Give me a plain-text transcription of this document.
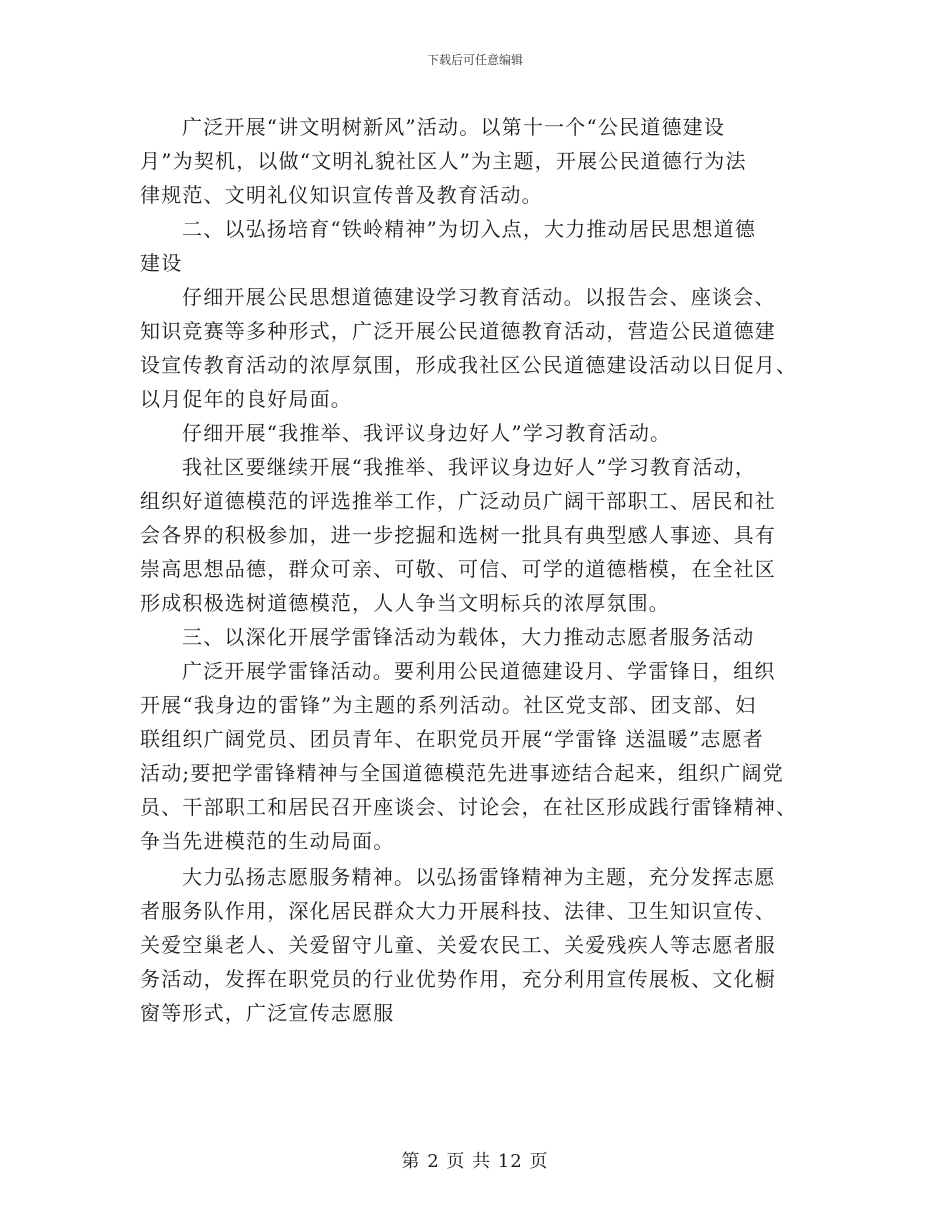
下载后可任意编辑
广泛开展“讲文明树新风”活动。以第十一个“公民道德建设
月”为契机，以做“文明礼貌社区人”为主题，开展公民道德行为法
律规范、文明礼仪知识宣传普及教育活动。
二、以弘扬培育“铁岭精神”为切入点，大力推动居民思想道德
建设
仔细开展公民思想道德建设学习教育活动。以报告会、座谈会、
知识竞赛等多种形式，广泛开展公民道德教育活动，营造公民道德建
设宣传教育活动的浓厚氛围，形成我社区公民道德建设活动以日促月、
以月促年的良好局面。
仔细开展“我推举、我评议身边好人”学习教育活动。
我社区要继续开展“我推举、我评议身边好人”学习教育活动，
组织好道德模范的评选推举工作，广泛动员广阔干部职工、居民和社
会各界的积极参加，进一步挖掘和选树一批具有典型感人事迹、具有
崇高思想品德，群众可亲、可敬、可信、可学的道德楷模，在全社区
形成积极选树道德模范，人人争当文明标兵的浓厚氛围。
三、以深化开展学雷锋活动为载体，大力推动志愿者服务活动
广泛开展学雷锋活动。要利用公民道德建设月、学雷锋日，组织
开展“我身边的雷锋”为主题的系列活动。社区党支部、团支部、妇
联组织广阔党员、团员青年、在职党员开展“学雷锋 送温暖”志愿者
活动;要把学雷锋精神与全国道德模范先进事迹结合起来，组织广阔党
员、干部职工和居民召开座谈会、讨论会，在社区形成践行雷锋精神、
争当先进模范的生动局面。
大力弘扬志愿服务精神。以弘扬雷锋精神为主题，充分发挥志愿
者服务队作用，深化居民群众大力开展科技、法律、卫生知识宣传、
关爱空巢老人、关爱留守儿童、关爱农民工、关爱残疾人等志愿者服
务活动，发挥在职党员的行业优势作用，充分利用宣传展板、文化橱
窗等形式，广泛宣传志愿服
第 2 页 共 12 页
